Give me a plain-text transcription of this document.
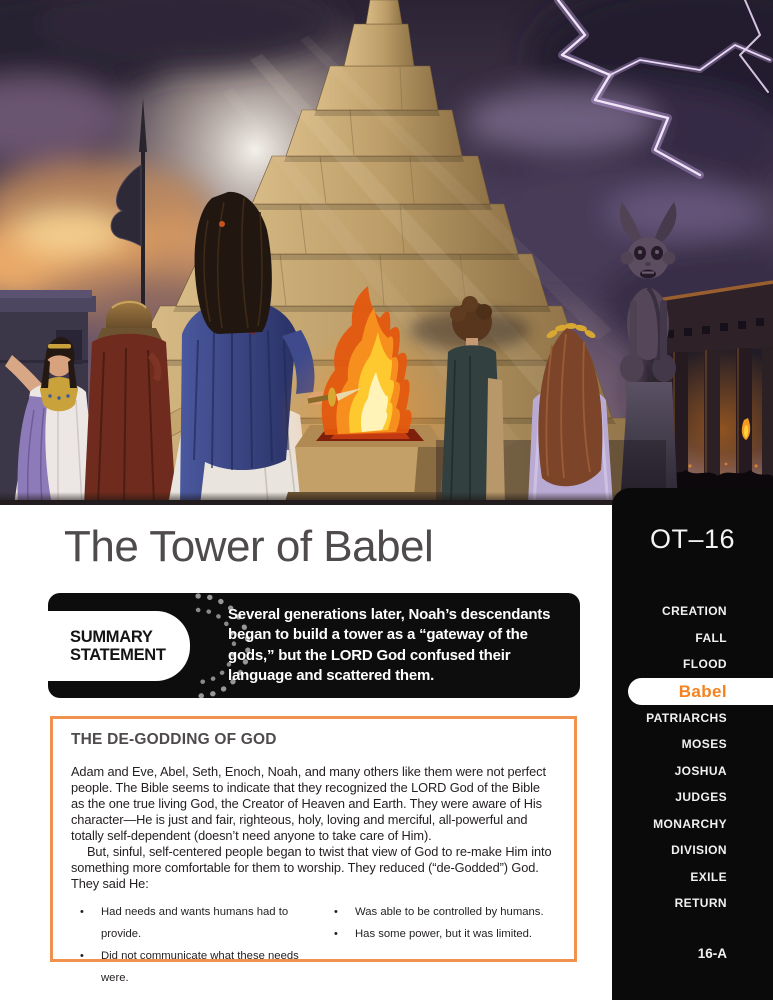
The Tower of Babel
SUMMARY
STATEMENT
Several generations later, Noah’s descendants began to build a tower as a “gateway of the gods,” but the LORD God confused their language and scattered them.
THE DE-GODDING OF GOD

Adam and Eve, Abel, Seth, Enoch, Noah, and many others like them were not perfect people. The Bible seems to indicate that they recognized the LORD God of the Bible as the one true living God, the Creator of Heaven and Earth. They were aware of His character—He is just and fair, righteous, holy, loving and merciful, all-powerful and totally self-dependent (doesn’t need anyone to take care of Him).

But, sinful, self-centered people began to twist that view of God to re-make Him into something more comfortable for them to worship. They reduced (“de-Godded”) God. They said He:

• Had needs and wants humans had to provide.
• Did not communicate what these needs were.
• Was able to be controlled by humans.
• Has some power, but it was limited.
OT–16
CREATION
FALL
FLOOD
Babel
PATRIARCHS
MOSES
JOSHUA
JUDGES
MONARCHY
DIVISION
EXILE
RETURN
16-A
